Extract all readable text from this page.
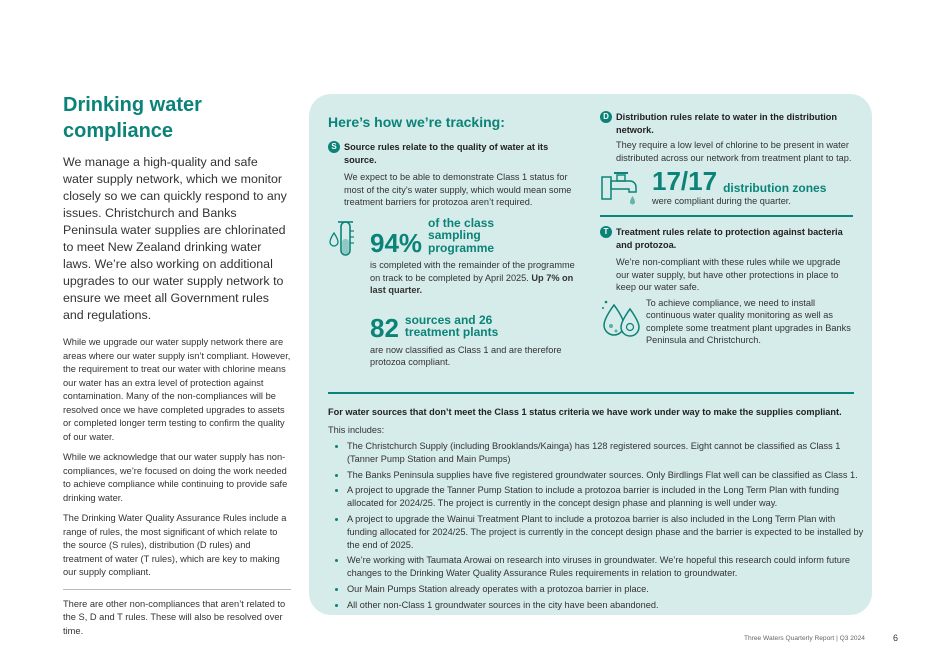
Drinking water compliance

We manage a high-quality and safe water supply network, which we monitor closely so we can quickly respond to any issues. Christchurch and Banks Peninsula water supplies are chlorinated to meet New Zealand drinking water laws. We’re also working on additional upgrades to our water supply network to ensure we meet all Government rules and regulations.

While we upgrade our water supply network there are areas where our water supply isn’t compliant. However, the requirement to treat our water with chlorine means our water has an extra level of protection against contamination. Many of the non-compliances will be resolved once we have completed upgrades to assets or completed longer term testing to confirm the quality of our water.

While we acknowledge that our water supply has non-compliances, we’re focused on doing the work needed to achieve compliance while continuing to provide safe drinking water.

The Drinking Water Quality Assurance Rules include a range of rules, the most significant of which relate to the source (S rules), distribution (D rules) and treatment of water (T rules), which are key to making our supply compliant.

There are other non-compliances that aren’t related to the S, D and T rules. These will also be resolved over time.

Here’s how we’re tracking:
S Source rules relate to the quality of water at its source.

We expect to be able to demonstrate Class 1 status for most of the city’s water supply, which would mean some treatment barriers for protozoa aren’t required.

94%
of the class sampling programme

is completed with the remainder of the programme on track to be completed by April 2025. Up 7% on last quarter.

82 sources and 26 treatment plants

are now classified as Class 1 and are therefore protozoa compliant.

D Distribution rules relate to water in the distribution network.

They require a low level of chlorine to be present in water distributed across our network from treatment plant to tap.

17/17 distribution zones

were compliant during the quarter.

T Treatment rules relate to protection against bacteria and protozoa.

We’re non-compliant with these rules while we upgrade our water supply, but have other protections in place to keep our water safe.

To achieve compliance, we need to install continuous water quality monitoring as well as complete some treatment plant upgrades in Banks Peninsula and Christchurch.

For water sources that don’t meet the Class 1 status criteria we have work under way to make the supplies compliant.

This includes:

• The Christchurch Supply (including Brooklands/Kainga) has 128 registered sources. Eight cannot be classified as Class 1 (Tanner Pump Station and Main Pumps)
• The Banks Peninsula supplies have five registered groundwater sources. Only Birdlings Flat well can be classified as Class 1.
• A project to upgrade the Tanner Pump Station to include a protozoa barrier is included in the Long Term Plan with funding allocated for 2024/25. The project is currently in the concept design phase and planning is well under way.
• A project to upgrade the Wainui Treatment Plant to include a protozoa barrier is also included in the Long Term Plan with funding allocated for 2024/25. The project is currently in the concept design phase and the barrier is expected to be installed by the end of 2025.
• We’re working with Taumata Arowai on research into viruses in groundwater. We’re hopeful this research could inform future changes to the Drinking Water Quality Assurance Rules requirements in relation to groundwater.
• Our Main Pumps Station already operates with a protozoa barrier in place.
• All other non-Class 1 groundwater sources in the city have been abandoned.
Three Waters Quarterly Report | Q3 2024	6
